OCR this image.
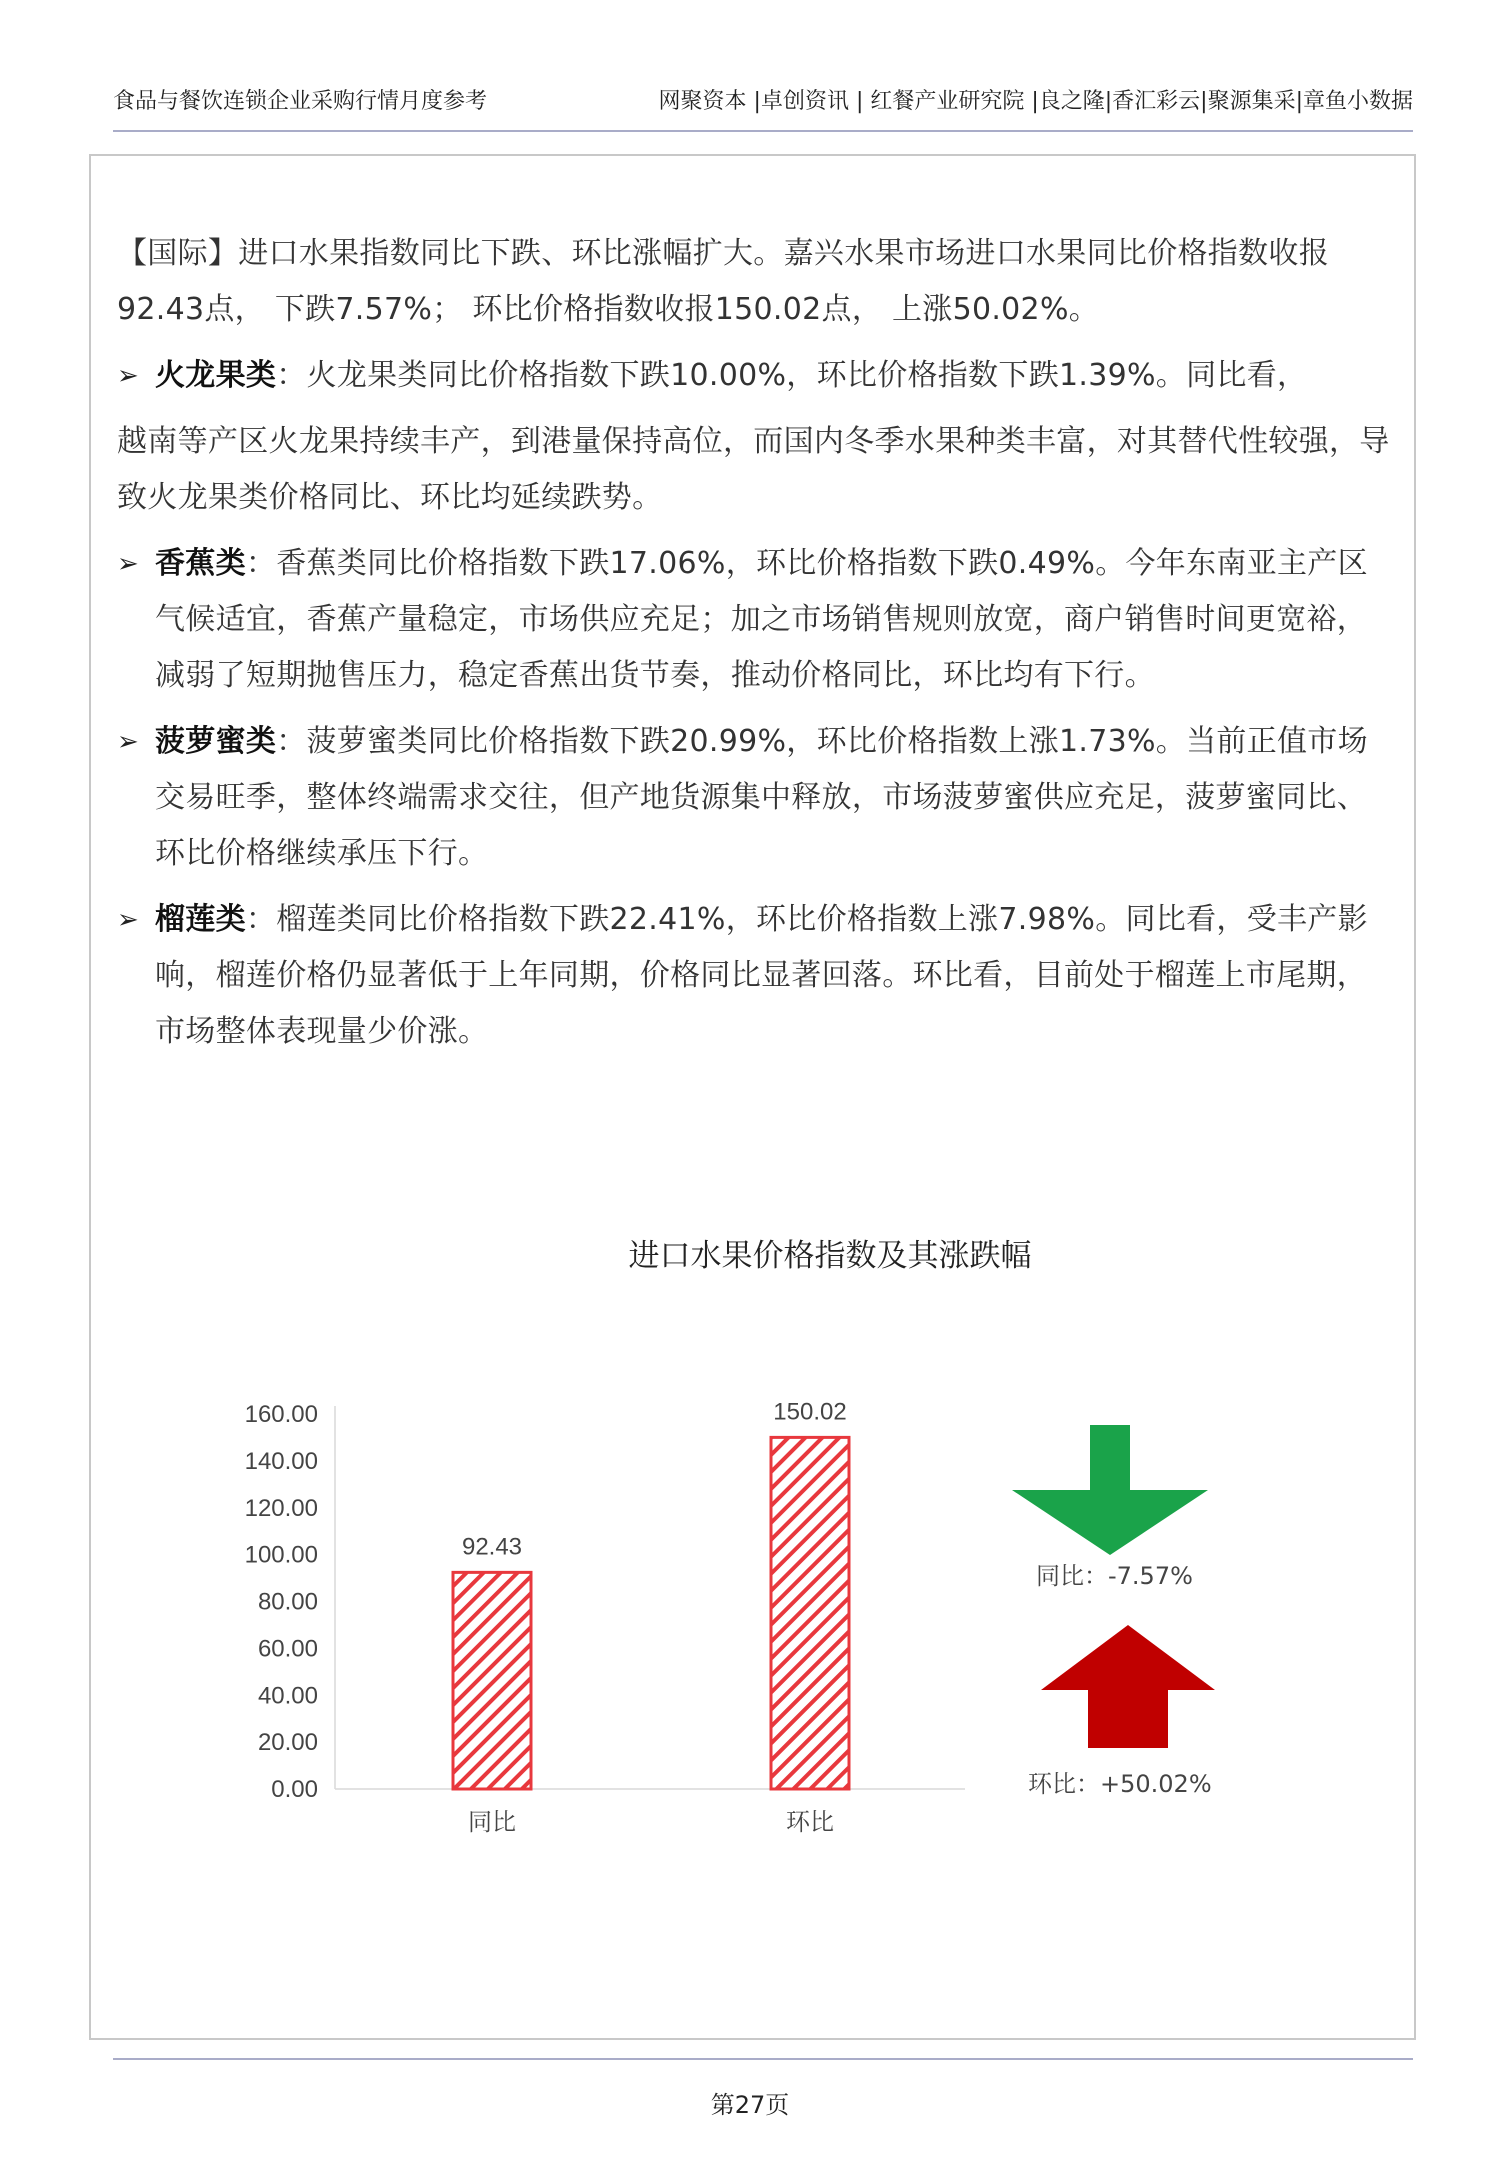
食品与餐饮连锁企业采购行情月度参考	网聚资本 |卓创资讯 | 红餐产业研究院 |良之隆|香汇彩云|聚源集采|章鱼小数据

【国际】进口水果指数同比下跌、环比涨幅扩大。嘉兴水果市场进口水果同比价格指数收报92.43点， 下跌7.57%； 环比价格指数收报150.02点， 上涨50.02%。

➢ 火龙果类：火龙果类同比价格指数下跌10.00%，环比价格指数下跌1.39%。同比看，

越南等产区火龙果持续丰产，到港量保持高位，而国内冬季水果种类丰富，对其替代性较强，导致火龙果类价格同比、环比均延续跌势。

➢ 香蕉类：香蕉类同比价格指数下跌17.06%，环比价格指数下跌0.49%。今年东南亚主产区气候适宜，香蕉产量稳定，市场供应充足；加之市场销售规则放宽，商户销售时间更宽裕，减弱了短期抛售压力，稳定香蕉出货节奏，推动价格同比，环比均有下行。
➢ 菠萝蜜类：菠萝蜜类同比价格指数下跌20.99%，环比价格指数上涨1.73%。当前正值市场交易旺季，整体终端需求交往，但产地货源集中释放，市场菠萝蜜供应充足，菠萝蜜同比、环比价格继续承压下行。
➢ 榴莲类：榴莲类同比价格指数下跌22.41%，环比价格指数上涨7.98%。同比看，受丰产影响，榴莲价格仍显著低于上年同期，价格同比显著回落。环比看，目前处于榴莲上市尾期，市场整体表现量少价涨。
进口水果价格指数及其涨跌幅
0.00
20.00
40.00
60.00
80.00
100.00
120.00
140.00
160.00
92.43
同比
150.02
环比
同比：-7.57%
环比：+50.02%
第27页
